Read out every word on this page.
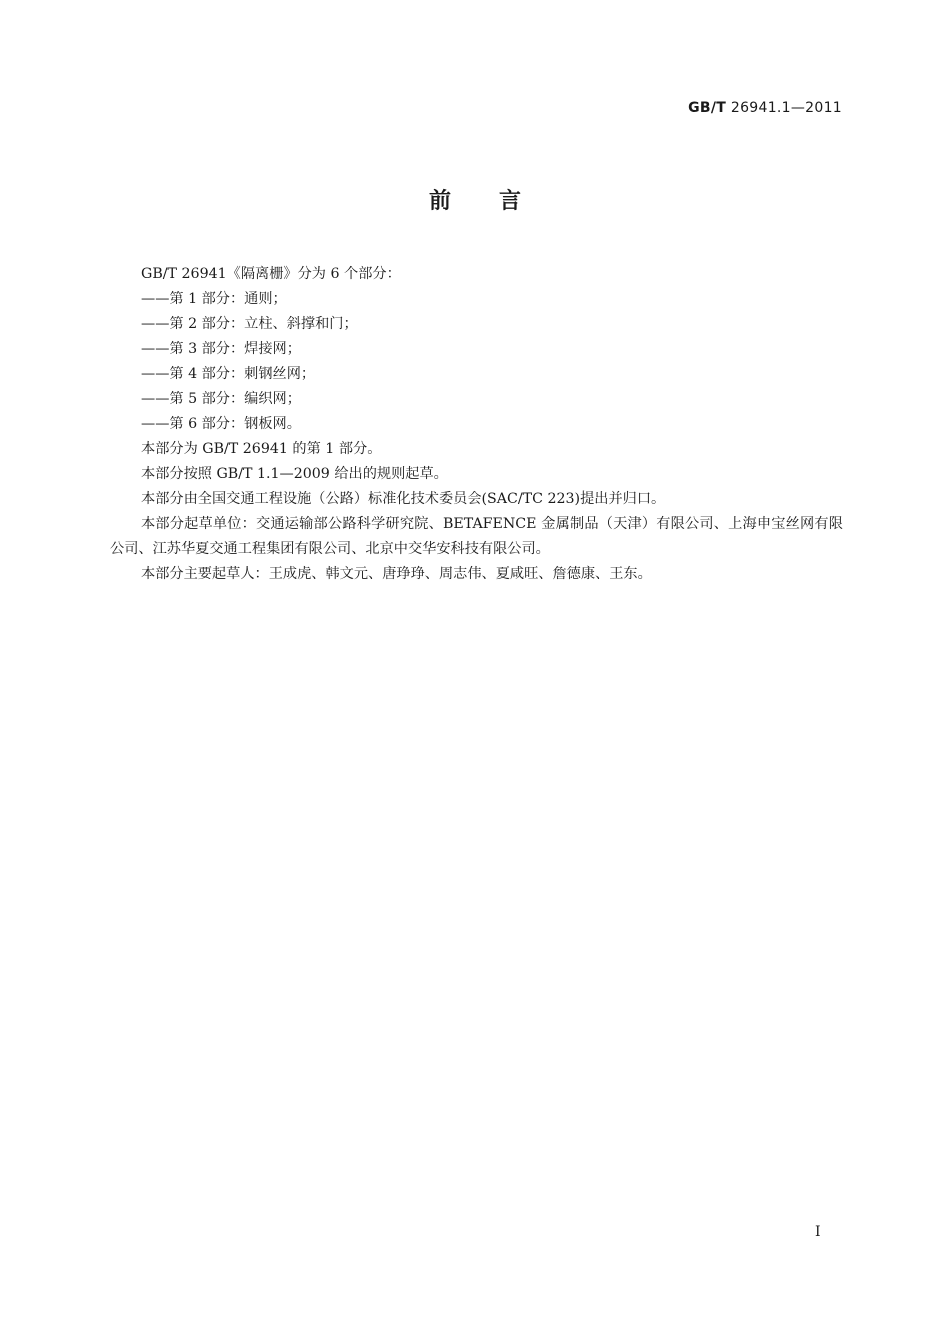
GB/T 26941.1—2011
前言
GB/T 26941《隔离栅》分为 6 个部分：
——第 1 部分：通则；
——第 2 部分：立柱、斜撑和门；
——第 3 部分：焊接网；
——第 4 部分：刺钢丝网；
——第 5 部分：编织网；
——第 6 部分：钢板网。
本部分为 GB/T 26941 的第 1 部分。
本部分按照 GB/T 1.1—2009 给出的规则起草。
本部分由全国交通工程设施（公路）标准化技术委员会(SAC/TC 223)提出并归口。
本部分起草单位：交通运输部公路科学研究院、BETAFENCE 金属制品（天津）有限公司、上海申宝丝网有限公司、江苏华夏交通工程集团有限公司、北京中交华安科技有限公司。
本部分主要起草人：王成虎、韩文元、唐琤琤、周志伟、夏咸旺、詹德康、王东。
I
